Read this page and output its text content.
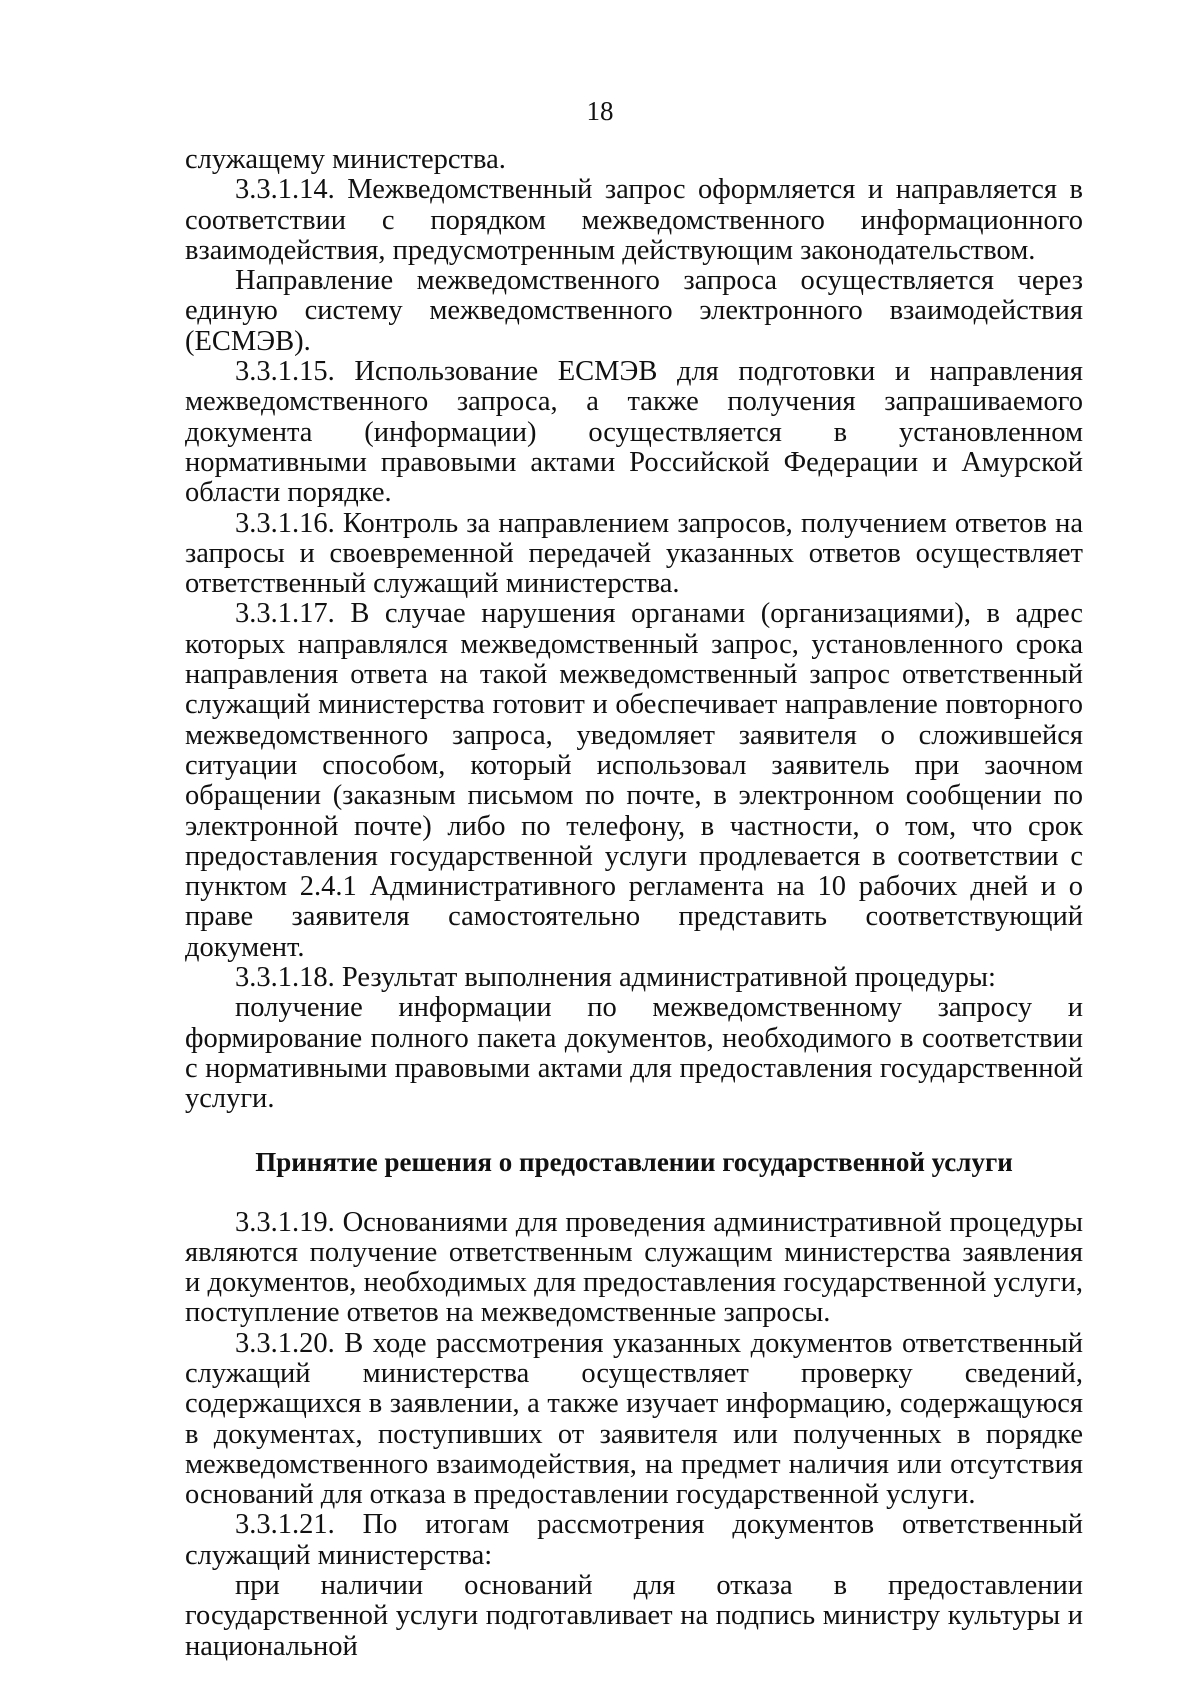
18

служащему министерства.

3.3.1.14. Межведомственный запрос оформляется и направляется в соответствии с порядком межведомственного информационного взаимодействия, предусмотренным действующим законодательством.

Направление межведомственного запроса осуществляется через единую систему межведомственного электронного взаимодействия (ЕСМЭВ).

3.3.1.15. Использование ЕСМЭВ для подготовки и направления межведомственного запроса, а также получения запрашиваемого документа (информации) осуществляется в установленном нормативными правовыми актами Российской Федерации и Амурской области порядке.

3.3.1.16. Контроль за направлением запросов, получением ответов на запросы и своевременной передачей указанных ответов осуществляет ответственный служащий министерства.

3.3.1.17. В случае нарушения органами (организациями), в адрес которых направлялся межведомственный запрос, установленного срока направления ответа на такой межведомственный запрос ответственный служащий министерства готовит и обеспечивает направление повторного межведомственного запроса, уведомляет заявителя о сложившейся ситуации способом, который использовал заявитель при заочном обращении (заказным письмом по почте, в электронном сообщении по электронной почте) либо по телефону, в частности, о том, что срок предоставления государственной услуги продлевается в соответствии с пунктом 2.4.1 Административного регламента на 10 рабочих дней и о праве заявителя самостоятельно представить соответствующий документ.

3.3.1.18. Результат выполнения административной процедуры:

получение информации по межведомственному запросу и формирование полного пакета документов, необходимого в соответствии с нормативными правовыми актами для предоставления государственной услуги.

Принятие решения о предоставлении государственной услуги

3.3.1.19. Основаниями для проведения административной процедуры являются получение ответственным служащим министерства заявления и документов, необходимых для предоставления государственной услуги, поступление ответов на межведомственные запросы.

3.3.1.20. В ходе рассмотрения указанных документов ответственный служащий министерства осуществляет проверку сведений, содержащихся в заявлении, а также изучает информацию, содержащуюся в документах, поступивших от заявителя или полученных в порядке межведомственного взаимодействия, на предмет наличия или отсутствия оснований для отказа в предоставлении государственной услуги.

3.3.1.21. По итогам рассмотрения документов ответственный служащий министерства:

при наличии оснований для отказа в предоставлении государственной услуги подготавливает на подпись министру культуры и национальной
